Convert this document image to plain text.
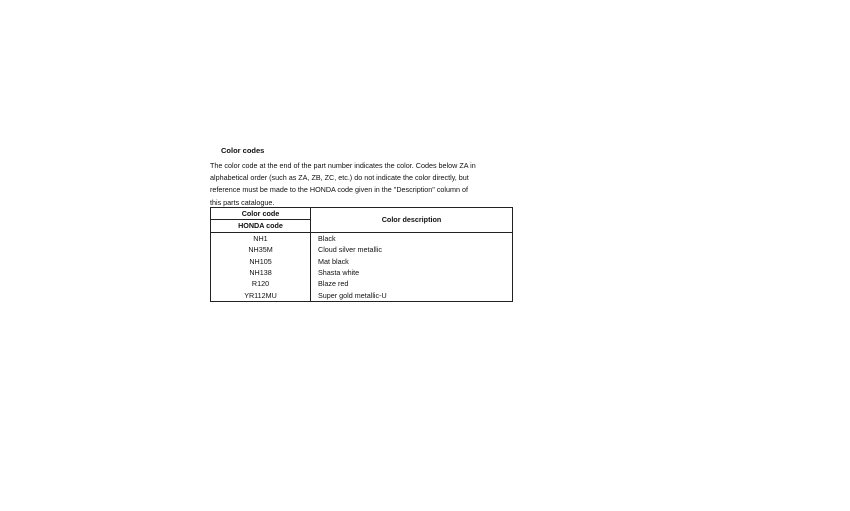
Color codes

The color code at the end of the part number indicates the color. Codes below ZA in
alphabetical order (such as ZA, ZB, ZC, etc.) do not indicate the color directly, but
reference must be made to the HONDA code given in the "Description" column of
this parts catalogue.

Color code	Color description
HONDA code	
NH1	Black
NH35M	Cloud silver metallic
NH105	Mat black
NH138	Shasta white
R120	Blaze red
YR112MU	Super gold metallic-U
